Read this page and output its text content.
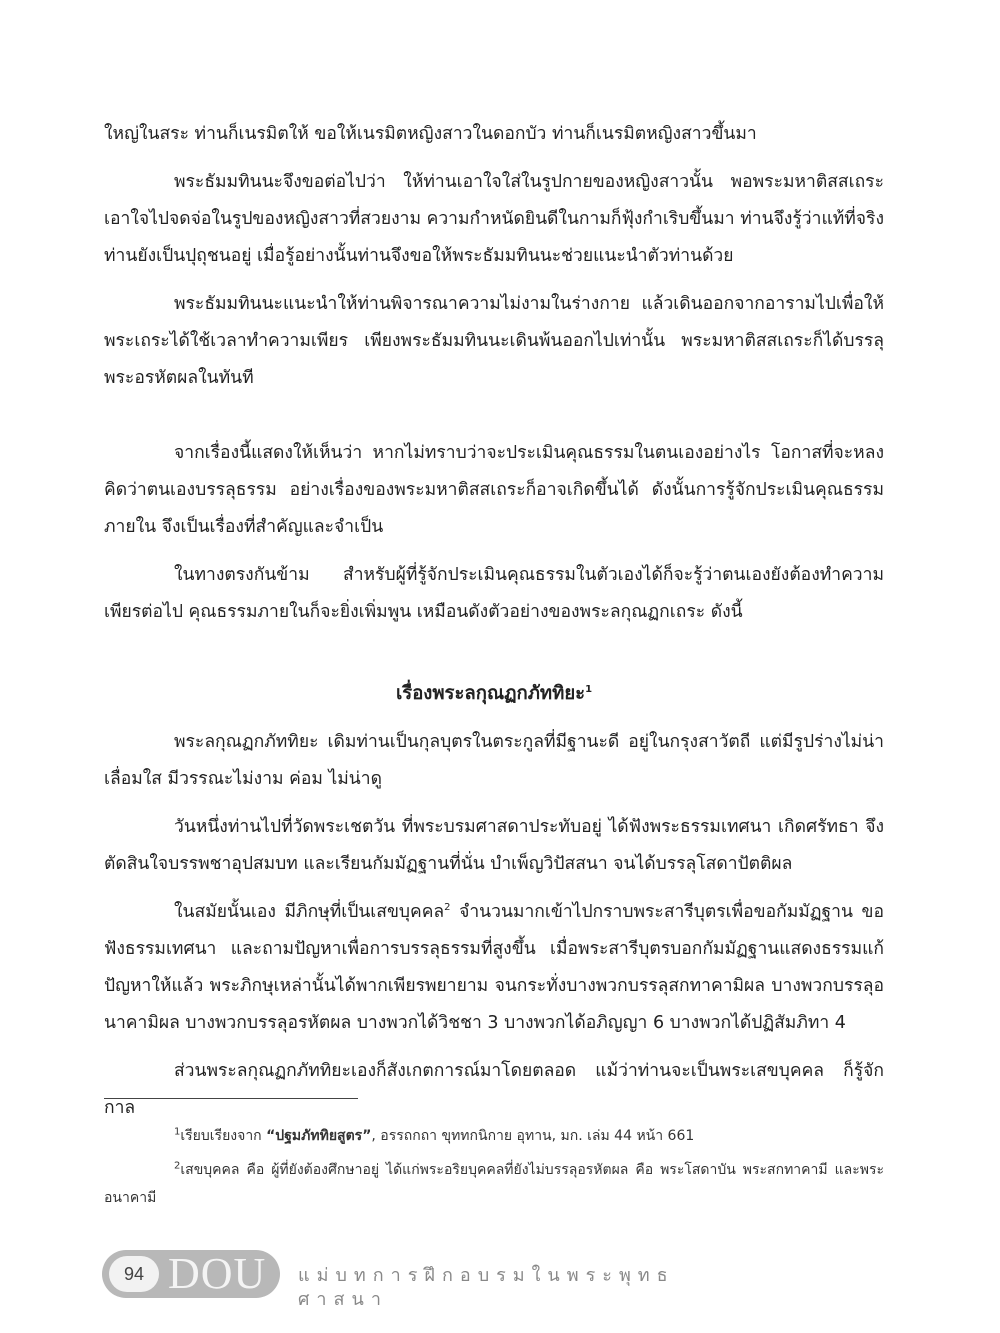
ใหญ่ในสระ ท่านก็เนรมิตให้ ขอให้เนรมิตหญิงสาวในดอกบัว ท่านก็เนรมิตหญิงสาวขึ้นมา

พระธัมมทินนะจึงขอต่อไปว่า ให้ท่านเอาใจใส่ในรูปกายของหญิงสาวนั้น พอพระมหาติสสเถระเอาใจไปจดจ่อในรูปของหญิงสาวที่สวยงาม ความกำหนัดยินดีในกามก็ฟุ้งกำเริบขึ้นมา ท่านจึงรู้ว่าแท้ที่จริงท่านยังเป็นปุถุชนอยู่ เมื่อรู้อย่างนั้นท่านจึงขอให้พระธัมมทินนะช่วยแนะนำตัวท่านด้วย

พระธัมมทินนะแนะนำให้ท่านพิจารณาความไม่งามในร่างกาย แล้วเดินออกจากอารามไปเพื่อให้พระเถระได้ใช้เวลาทำความเพียร เพียงพระธัมมทินนะเดินพ้นออกไปเท่านั้น พระมหาติสสเถระก็ได้บรรลุพระอรหัตผลในทันที

จากเรื่องนี้แสดงให้เห็นว่า หากไม่ทราบว่าจะประเมินคุณธรรมในตนเองอย่างไร โอกาสที่จะหลงคิดว่าตนเองบรรลุธรรม อย่างเรื่องของพระมหาติสสเถระก็อาจเกิดขึ้นได้ ดังนั้นการรู้จักประเมินคุณธรรมภายใน จึงเป็นเรื่องที่สำคัญและจำเป็น

ในทางตรงกันข้าม สำหรับผู้ที่รู้จักประเมินคุณธรรมในตัวเองได้ก็จะรู้ว่าตนเองยังต้องทำความเพียรต่อไป คุณธรรมภายในก็จะยิ่งเพิ่มพูน เหมือนดังตัวอย่างของพระลกุณฏกเถระ ดังนี้

เรื่องพระลกุณฏกภัททิยะ$^1$

พระลกุณฏกภัททิยะ เดิมท่านเป็นกุลบุตรในตระกูลที่มีฐานะดี อยู่ในกรุงสาวัตถี แต่มีรูปร่างไม่น่าเลื่อมใส มีวรรณะไม่งาม ค่อม ไม่น่าดู

วันหนึ่งท่านไปที่วัดพระเชตวัน ที่พระบรมศาสดาประทับอยู่ ได้ฟังพระธรรมเทศนา เกิดศรัทธา จึงตัดสินใจบรรพชาอุปสมบท และเรียนกัมมัฏฐานที่นั่น บำเพ็ญวิปัสสนา จนได้บรรลุโสดาปัตติผล

ในสมัยนั้นเอง มีภิกษุที่เป็นเสขบุคคล$^2$ จำนวนมากเข้าไปกราบพระสารีบุตรเพื่อขอกัมมัฏฐาน ขอฟังธรรมเทศนา และถามปัญหาเพื่อการบรรลุธรรมที่สูงขึ้น เมื่อพระสารีบุตรบอกกัมมัฏฐานแสดงธรรมแก้ปัญหาให้แล้ว พระภิกษุเหล่านั้นได้พากเพียรพยายาม จนกระทั่งบางพวกบรรลุสกทาคามิผล บางพวกบรรลุอนาคามิผล บางพวกบรรลุอรหัตผล บางพวกได้วิชชา 3 บางพวกได้อภิญญา 6 บางพวกได้ปฏิสัมภิทา 4

ส่วนพระลกุณฏกภัททิยะเองก็สังเกตการณ์มาโดยตลอด แม้ว่าท่านจะเป็นพระเสขบุคคล ก็รู้จักกาล

$^1$เรียบเรียงจาก “ปฐมภัททิยสูตร”, อรรถกถา ขุททกนิกาย อุทาน, มก. เล่ม 44 หน้า 661

$^2$เสขบุคคล คือ ผู้ที่ยังต้องศึกษาอยู่ ได้แก่พระอริยบุคคลที่ยังไม่บรรลุอรหัตผล คือ พระโสดาบัน พระสกทาคามี และพระอนาคามี

94 DOU แม่บทการฝึกอบรมในพระพุทธศาสนา
